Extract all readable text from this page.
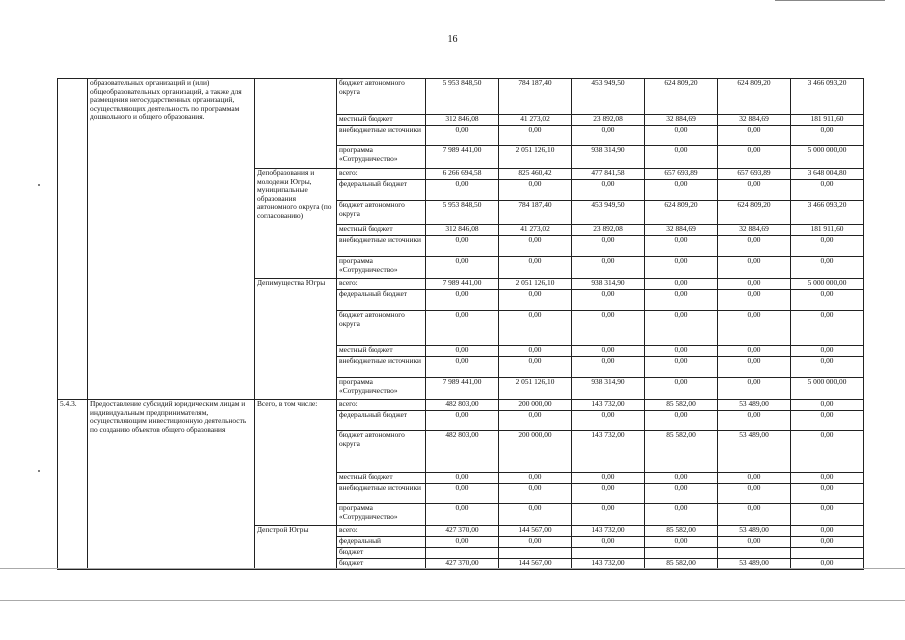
16
	образовательных организаций и (или) общеобразовательных организаций, а также для размещения негосударственных организаций, осуществляющих деятельность по программам дошкольного и общего образования.		бюджет автономного округа	5 953 848,50	784 187,40	453 949,50	624 809,20	624 809,20	3 466 093,20
			местный бюджет	312 846,08	41 273,02	23 892,08	32 884,69	32 884,69	181 911,60
			внебюджетные источники	0,00	0,00	0,00	0,00	0,00	0,00
			программа «Сотрудничество»	7 989 441,00	2 051 126,10	938 314,90	0,00	0,00	5 000 000,00
		Депобразования и молодежи Югры, муниципальные образования автономного округа (по согласованию)	всего:	6 266 694,58	825 460,42	477 841,58	657 693,89	657 693,89	3 648 004,80
			федеральный бюджет	0,00	0,00	0,00	0,00	0,00	0,00
			бюджет автономного округа	5 953 848,50	784 187,40	453 949,50	624 809,20	624 809,20	3 466 093,20
			местный бюджет	312 846,08	41 273,02	23 892,08	32 884,69	32 884,69	181 911,60
			внебюджетные источники	0,00	0,00	0,00	0,00	0,00	0,00
			программа «Сотрудничество»	0,00	0,00	0,00	0,00	0,00	0,00
		Депимущества Югры	всего:	7 989 441,00	2 051 126,10	938 314,90	0,00	0,00	5 000 000,00
			федеральный бюджет	0,00	0,00	0,00	0,00	0,00	0,00
			бюджет автономного округа	0,00	0,00	0,00	0,00	0,00	0,00
			местный бюджет	0,00	0,00	0,00	0,00	0,00	0,00
			внебюджетные источники	0,00	0,00	0,00	0,00	0,00	0,00
			программа «Сотрудничество»	7 989 441,00	2 051 126,10	938 314,90	0,00	0,00	5 000 000,00
5.4.3.	Предоставление субсидий юридическим лицам и индивидуальным предпринимателям, осуществляющим инвестиционную деятельность по созданию объектов общего образования	Всего, в том числе:	всего:	482 803,00	200 000,00	143 732,00	85 582,00	53 489,00	0,00
			федеральный бюджет	0,00	0,00	0,00	0,00	0,00	0,00
			бюджет автономного округа	482 803,00	200 000,00	143 732,00	85 582,00	53 489,00	0,00
			местный бюджет	0,00	0,00	0,00	0,00	0,00	0,00
			внебюджетные источники	0,00	0,00	0,00	0,00	0,00	0,00
			программа «Сотрудничество»	0,00	0,00	0,00	0,00	0,00	0,00
		Депстрой Югры	всего:	427 370,00	144 567,00	143 732,00	85 582,00	53 489,00	0,00
			федеральный	0,00	0,00	0,00	0,00	0,00	0,00
			бюджет						
			бюджет	427 370,00	144 567,00	143 732,00	85 582,00	53 489,00	0,00
